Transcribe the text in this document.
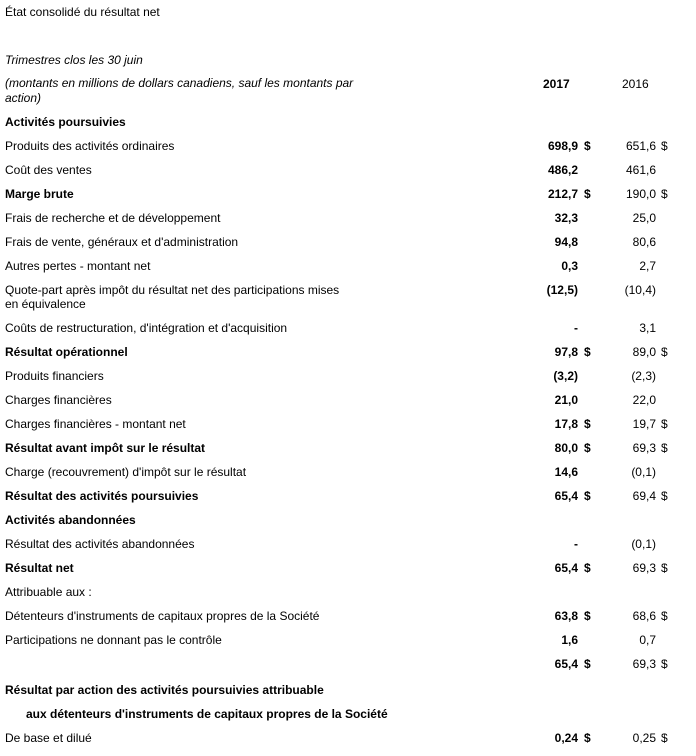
État consolidé du résultat net
Trimestres clos les 30 juin
(montants en millions de dollars canadiens, sauf les montants par action)
2017	2016
Activités poursuivies
Produits des activités ordinaires	698,9 $	651,6 $
Coût des ventes	486,2	461,6
Marge brute	212,7 $	190,0 $
Frais de recherche et de développement	32,3	25,0
Frais de vente, généraux et d'administration	94,8	80,6
Autres pertes - montant net	0,3	2,7
Quote-part après impôt du résultat net des participations mises en équivalence
(12,5)	(10,4)
Coûts de restructuration, d'intégration et d'acquisition	-	3,1
Résultat opérationnel	97,8 $	89,0 $
Produits financiers	(3,2)	(2,3)
Charges financières	21,0	22,0
Charges financières - montant net	17,8 $	19,7 $
Résultat avant impôt sur le résultat	80,0 $	69,3 $
Charge (recouvrement) d'impôt sur le résultat	14,6	(0,1)
Résultat des activités poursuivies	65,4 $	69,4 $
Activités abandonnées
Résultat des activités abandonnées	-	(0,1)
Résultat net	65,4 $	69,3 $
Attribuable aux :
Détenteurs d'instruments de capitaux propres de la Société	63,8 $	68,6 $
Participations ne donnant pas le contrôle	1,6	0,7
65,4 $	69,3 $
Résultat par action des activités poursuivies attribuable
aux détenteurs d'instruments de capitaux propres de la Société
De base et dilué	0,24 $	0,25 $
